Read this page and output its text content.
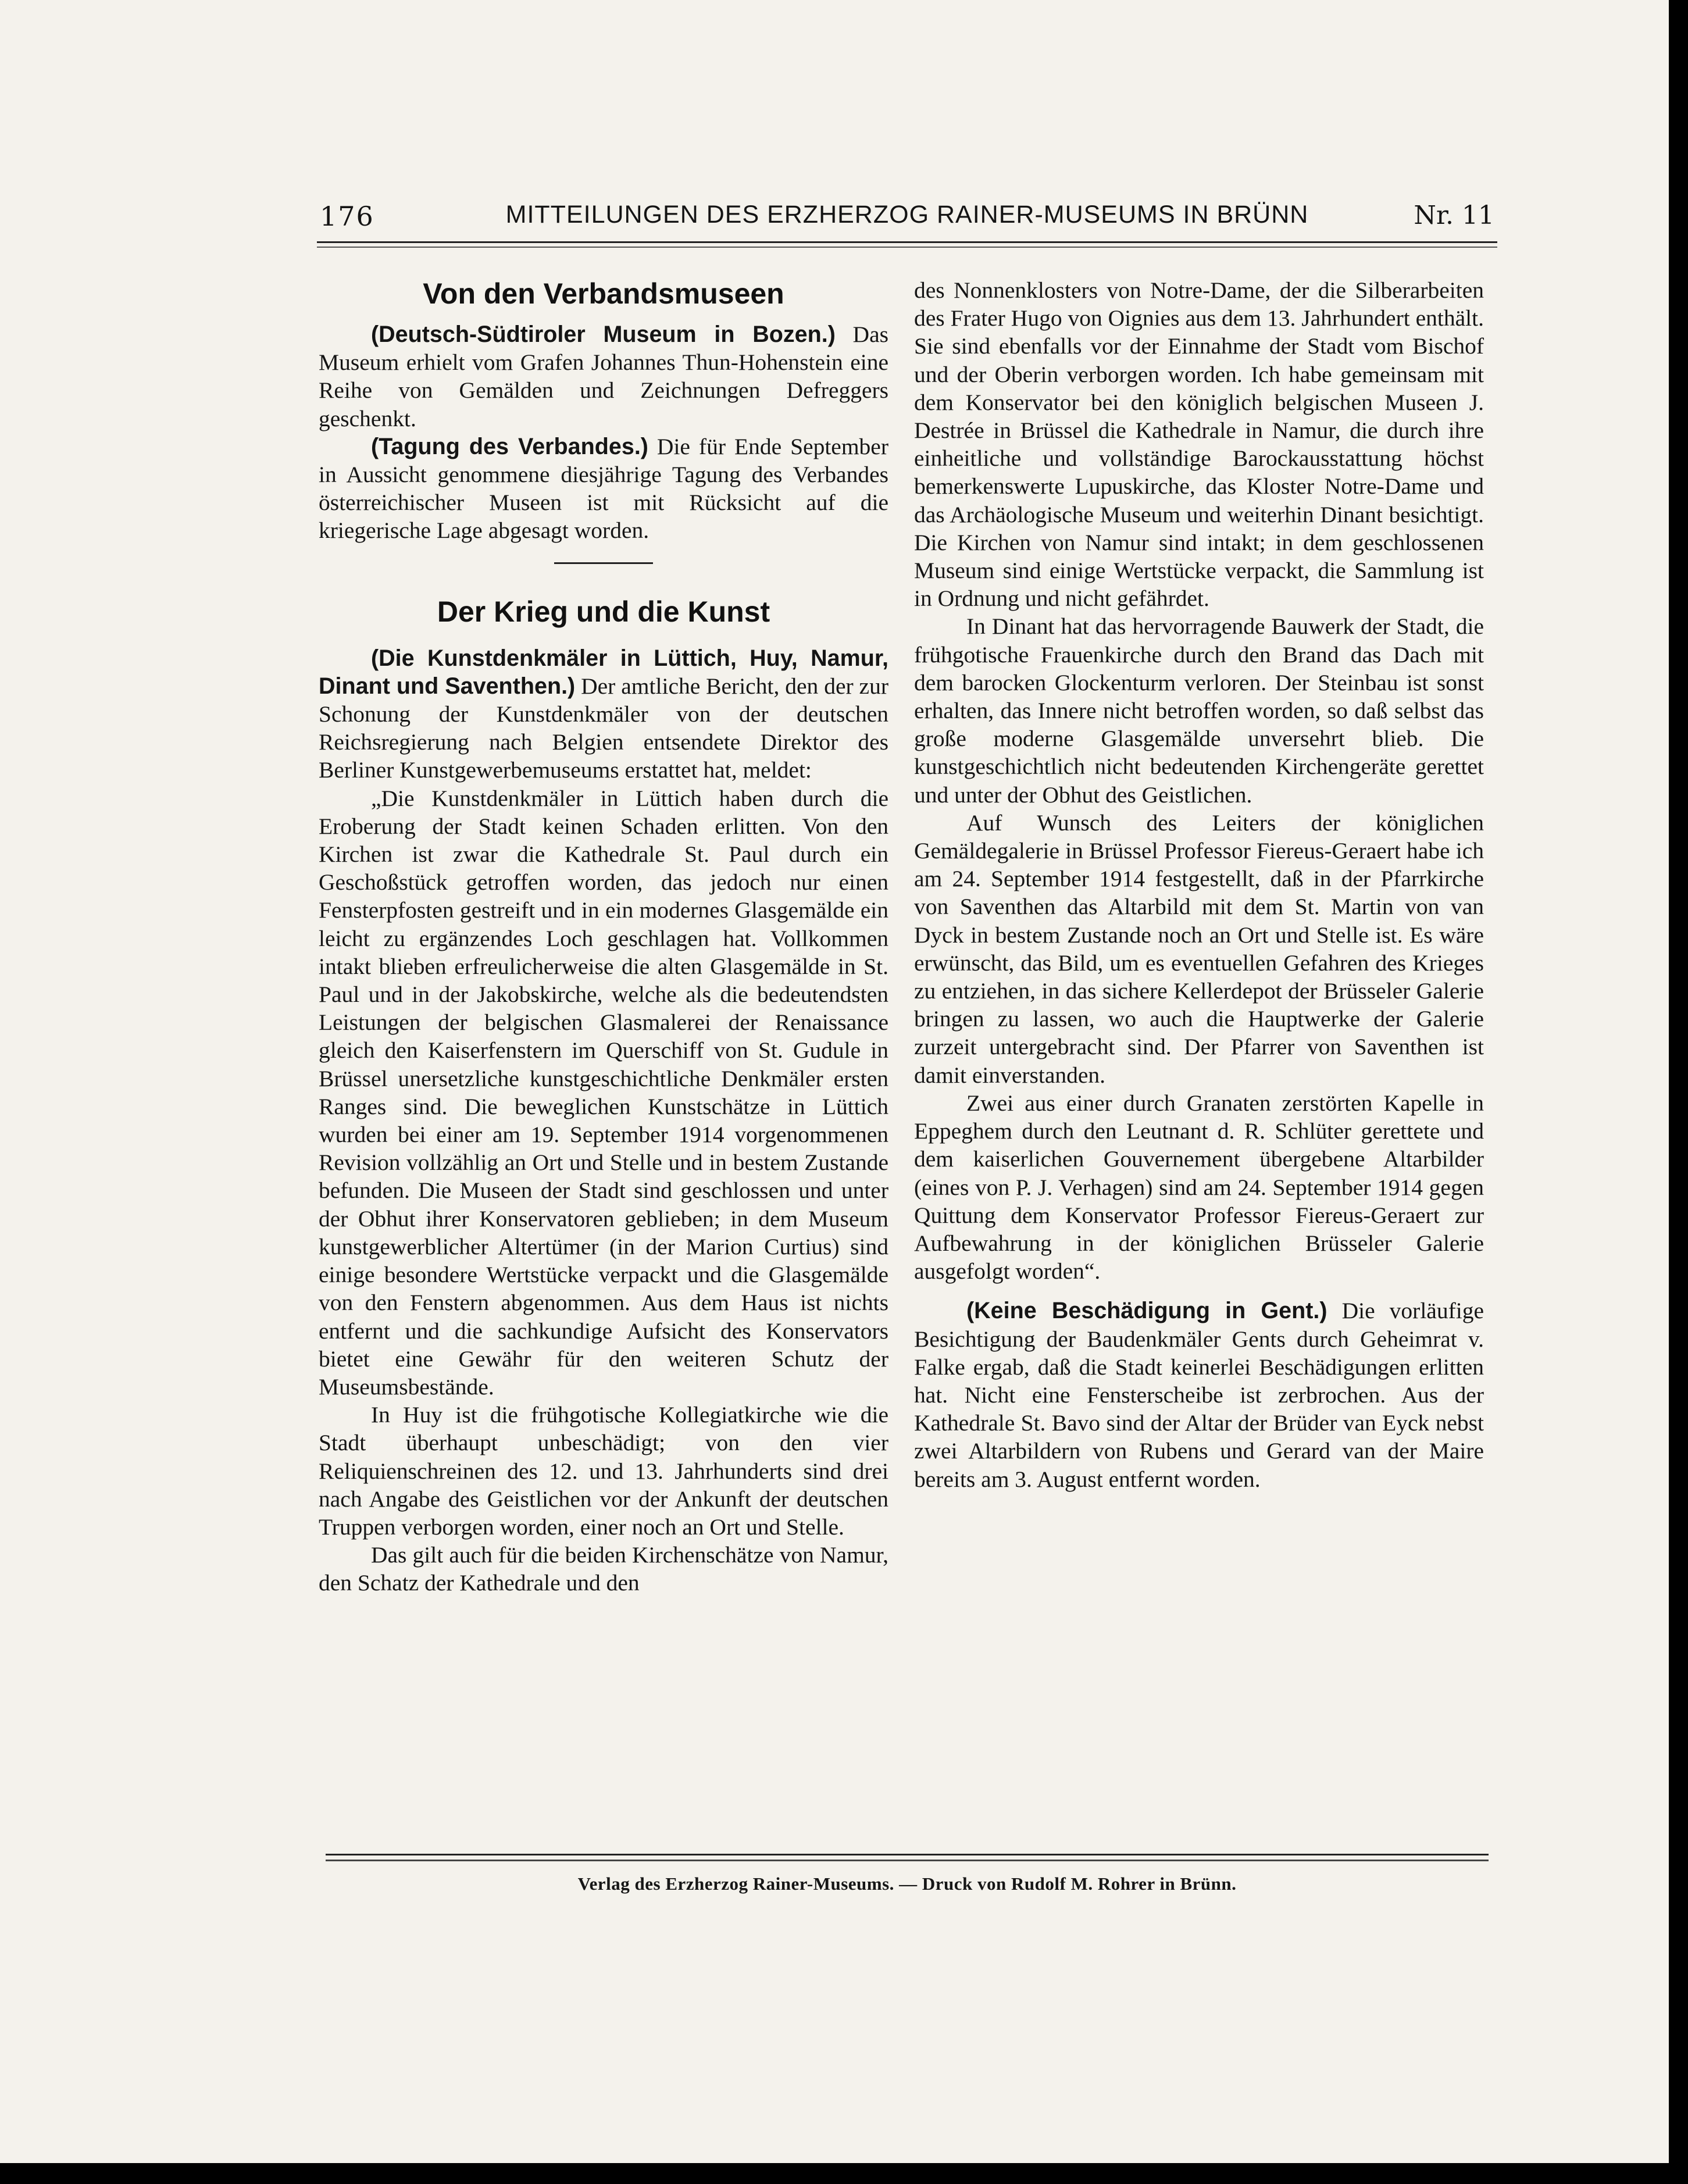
176	MITTEILUNGEN DES ERZHERZOG RAINER-MUSEUMS IN BRÜNN	Nr. 11
Von den Verbandsmuseen

(Deutsch-Südtiroler Museum in Bozen.) Das Museum erhielt vom Grafen Johannes Thun-Hohenstein eine Reihe von Gemälden und Zeichnungen Defreggers geschenkt.

(Tagung des Verbandes.) Die für Ende September in Aussicht genommene diesjährige Tagung des Verbandes österreichischer Museen ist mit Rücksicht auf die kriegerische Lage abgesagt worden.

Der Krieg und die Kunst

(Die Kunstdenkmäler in Lüttich, Huy, Namur, Dinant und Saventhen.) Der amtliche Bericht, den der zur Schonung der Kunstdenkmäler von der deutschen Reichsregierung nach Belgien entsendete Direktor des Berliner Kunstgewerbemuseums erstattet hat, meldet:

„Die Kunstdenkmäler in Lüttich haben durch die Eroberung der Stadt keinen Schaden erlitten. Von den Kirchen ist zwar die Kathedrale St. Paul durch ein Geschoßstück getroffen worden, das jedoch nur einen Fensterpfosten gestreift und in ein modernes Glasgemälde ein leicht zu ergänzendes Loch geschlagen hat. Vollkommen intakt blieben erfreulicherweise die alten Glasgemälde in St. Paul und in der Jakobskirche, welche als die bedeutendsten Leistungen der belgischen Glasmalerei der Renaissance gleich den Kaiserfenstern im Querschiff von St. Gudule in Brüssel unersetzliche kunstgeschichtliche Denkmäler ersten Ranges sind. Die beweglichen Kunstschätze in Lüttich wurden bei einer am 19. September 1914 vorgenommenen Revision vollzählig an Ort und Stelle und in bestem Zustande befunden. Die Museen der Stadt sind geschlossen und unter der Obhut ihrer Konservatoren geblieben; in dem Museum kunstgewerblicher Altertümer (in der Marion Curtius) sind einige besondere Wertstücke verpackt und die Glasgemälde von den Fenstern abgenommen. Aus dem Haus ist nichts entfernt und die sachkundige Aufsicht des Konservators bietet eine Gewähr für den weiteren Schutz der Museumsbestände.

In Huy ist die frühgotische Kollegiatkirche wie die Stadt überhaupt unbeschädigt; von den vier Reliquienschreinen des 12. und 13. Jahrhunderts sind drei nach Angabe des Geistlichen vor der Ankunft der deutschen Truppen verborgen worden, einer noch an Ort und Stelle.

Das gilt auch für die beiden Kirchenschätze von Namur, den Schatz der Kathedrale und den

des Nonnenklosters von Notre-Dame, der die Silberarbeiten des Frater Hugo von Oignies aus dem 13. Jahrhundert enthält. Sie sind ebenfalls vor der Einnahme der Stadt vom Bischof und der Oberin verborgen worden. Ich habe gemeinsam mit dem Konservator bei den königlich belgischen Museen J. Destrée in Brüssel die Kathedrale in Namur, die durch ihre einheitliche und vollständige Barockausstattung höchst bemerkenswerte Lupuskirche, das Kloster Notre-Dame und das Archäologische Museum und weiterhin Dinant besichtigt. Die Kirchen von Namur sind intakt; in dem geschlossenen Museum sind einige Wertstücke verpackt, die Sammlung ist in Ordnung und nicht gefährdet.

In Dinant hat das hervorragende Bauwerk der Stadt, die frühgotische Frauenkirche durch den Brand das Dach mit dem barocken Glockenturm verloren. Der Steinbau ist sonst erhalten, das Innere nicht betroffen worden, so daß selbst das große moderne Glasgemälde unversehrt blieb. Die kunstgeschichtlich nicht bedeutenden Kirchengeräte gerettet und unter der Obhut des Geistlichen.

Auf Wunsch des Leiters der königlichen Gemäldegalerie in Brüssel Professor Fiereus-Geraert habe ich am 24. September 1914 festgestellt, daß in der Pfarrkirche von Saventhen das Altarbild mit dem St. Martin von van Dyck in bestem Zustande noch an Ort und Stelle ist. Es wäre erwünscht, das Bild, um es eventuellen Gefahren des Krieges zu entziehen, in das sichere Kellerdepot der Brüsseler Galerie bringen zu lassen, wo auch die Hauptwerke der Galerie zurzeit untergebracht sind. Der Pfarrer von Saventhen ist damit einverstanden.

Zwei aus einer durch Granaten zerstörten Kapelle in Eppeghem durch den Leutnant d. R. Schlüter gerettete und dem kaiserlichen Gouvernement übergebene Altarbilder (eines von P. J. Verhagen) sind am 24. September 1914 gegen Quittung dem Konservator Professor Fiereus-Geraert zur Aufbewahrung in der königlichen Brüsseler Galerie ausgefolgt worden“.

(Keine Beschädigung in Gent.) Die vorläufige Besichtigung der Baudenkmäler Gents durch Geheimrat v. Falke ergab, daß die Stadt keinerlei Beschädigungen erlitten hat. Nicht eine Fensterscheibe ist zerbrochen. Aus der Kathedrale St. Bavo sind der Altar der Brüder van Eyck nebst zwei Altarbildern von Rubens und Gerard van der Maire bereits am 3. August entfernt worden.

Verlag des Erzherzog Rainer-Museums. — Druck von Rudolf M. Rohrer in Brünn.
